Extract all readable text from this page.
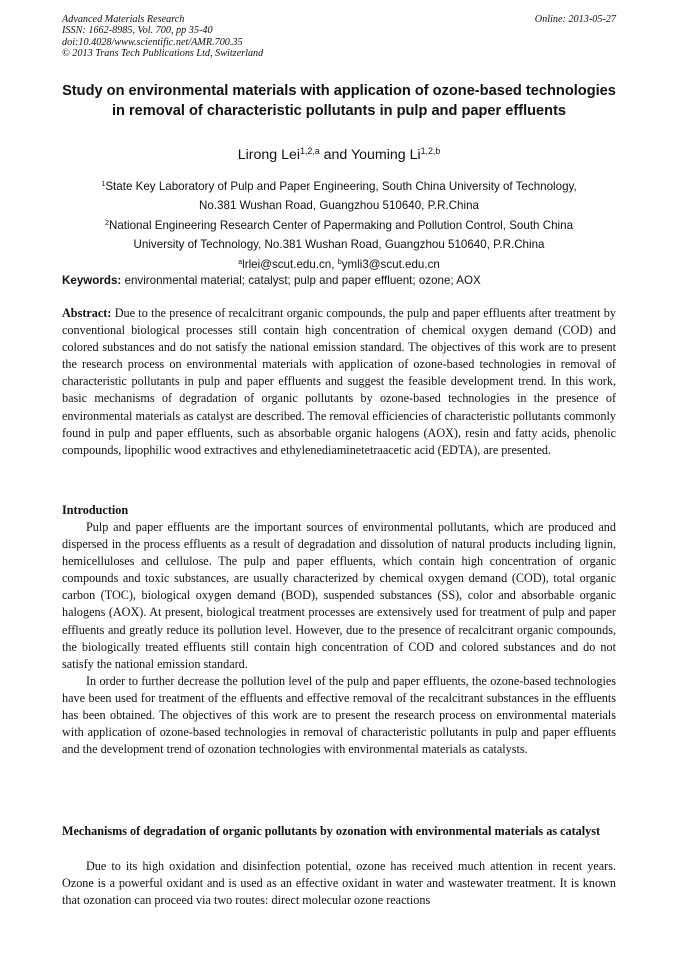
Advanced Materials Research
ISSN: 1662-8985, Vol. 700, pp 35-40
doi:10.4028/www.scientific.net/AMR.700.35
© 2013 Trans Tech Publications Ltd, Switzerland
Online: 2013-05-27
Study on environmental materials with application of ozone-based technologies in removal of characteristic pollutants in pulp and paper effluents
Lirong Lei$^{1,2,a}$ and Youming Li$^{1,2,b}$
$^1$State Key Laboratory of Pulp and Paper Engineering, South China University of Technology,
No.381 Wushan Road, Guangzhou 510640, P.R.China
$^2$National Engineering Research Center of Papermaking and Pollution Control, South China
University of Technology, No.381 Wushan Road, Guangzhou 510640, P.R.China
$^a$lrlei@scut.edu.cn, $^b$ymli3@scut.edu.cn
Keywords: environmental material; catalyst; pulp and paper effluent; ozone; AOX

Abstract: Due to the presence of recalcitrant organic compounds, the pulp and paper effluents after treatment by conventional biological processes still contain high concentration of chemical oxygen demand (COD) and colored substances and do not satisfy the national emission standard. The objectives of this work are to present the research process on environmental materials with application of ozone-based technologies in removal of characteristic pollutants in pulp and paper effluents and suggest the feasible development trend. In this work, basic mechanisms of degradation of organic pollutants by ozone-based technologies in the presence of environmental materials as catalyst are described. The removal efficiencies of characteristic pollutants commonly found in pulp and paper effluents, such as absorbable organic halogens (AOX), resin and fatty acids, phenolic compounds, lipophilic wood extractives and ethylenediaminetetraacetic acid (EDTA), are presented.

Introduction

Pulp and paper effluents are the important sources of environmental pollutants, which are produced and dispersed in the process effluents as a result of degradation and dissolution of natural products including lignin, hemicelluloses and cellulose. The pulp and paper effluents, which contain high concentration of organic compounds and toxic substances, are usually characterized by chemical oxygen demand (COD), total organic carbon (TOC), biological oxygen demand (BOD), suspended substances (SS), color and absorbable organic halogens (AOX). At present, biological treatment processes are extensively used for treatment of pulp and paper effluents and greatly reduce its pollution level. However, due to the presence of recalcitrant organic compounds, the biologically treated effluents still contain high concentration of COD and colored substances and do not satisfy the national emission standard.

In order to further decrease the pollution level of the pulp and paper effluents, the ozone-based technologies have been used for treatment of the effluents and effective removal of the recalcitrant substances in the effluents has been obtained. The objectives of this work are to present the research process on environmental materials with application of ozone-based technologies in removal of characteristic pollutants in pulp and paper effluents and the development trend of ozonation technologies with environmental materials as catalysts.

Mechanisms of degradation of organic pollutants by ozonation with environmental materials as catalyst

Due to its high oxidation and disinfection potential, ozone has received much attention in recent years. Ozone is a powerful oxidant and is used as an effective oxidant in water and wastewater treatment. It is known that ozonation can proceed via two routes: direct molecular ozone reactions
